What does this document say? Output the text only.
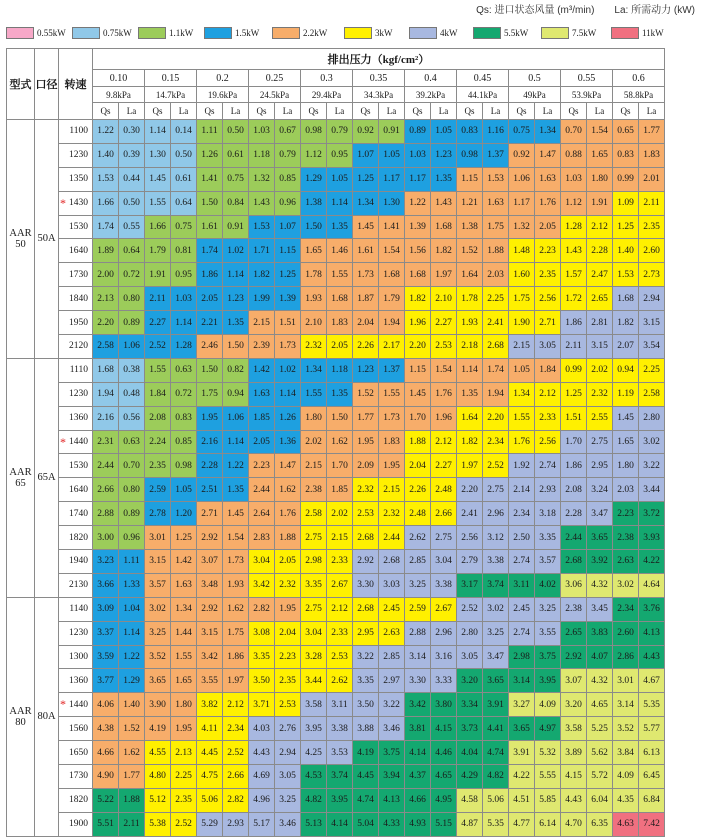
Qs: 进口状态风量 (m³/min)　　La: 所需动力 (kW)
0.55kW	0.75kW	1.1kW	1.5kW	2.2kW	3kW	4kW	5.5kW	7.5kW	11kW
型式	口径	转速	排出压力（kgf/cm²）																					
			0.10		0.15		0.2		0.25		0.3		0.35		0.4		0.45		0.5		0.55		0.6	
			9.8kPa		14.7kPa		19.6kPa		24.5kPa		29.4kPa		34.3kPa		39.2kPa		44.1kPa		49kPa		53.9kPa		58.8kPa	
			Qs	La	Qs	La	Qs	La	Qs	La	Qs	La	Qs	La	Qs	La	Qs	La	Qs	La	Qs	La	Qs	La
AAR 50	50A	1100	1.22	0.30	1.14	0.14	1.11	0.50	1.03	0.67	0.98	0.79	0.92	0.91	0.89	1.05	0.83	1.16	0.75	1.34	0.70	1.54	0.65	1.77

		1230	1.40	0.39	1.30	0.50	1.26	0.61	1.18	0.79	1.12	0.95	1.07	1.05	1.03	1.23	0.98	1.37	0.92	1.47	0.88	1.65	0.83	1.83

		1350	1.53	0.44	1.45	0.61	1.41	0.75	1.32	0.85	1.29	1.05	1.25	1.17	1.17	1.35	1.15	1.53	1.06	1.63	1.03	1.80	0.99	2.01

		* 1430	1.66	0.50	1.55	0.64	1.50	0.84	1.43	0.96	1.38	1.14	1.34	1.30	1.22	1.43	1.21	1.63	1.17	1.76	1.12	1.91	1.09	2.11

		1530	1.74	0.55	1.66	0.75	1.61	0.91	1.53	1.07	1.50	1.35	1.45	1.41	1.39	1.68	1.38	1.75	1.32	2.05	1.28	2.12	1.25	2.35

		1640	1.89	0.64	1.79	0.81	1.74	1.02	1.71	1.15	1.65	1.46	1.61	1.54	1.56	1.82	1.52	1.88	1.48	2.23	1.43	2.28	1.40	2.60

		1730	2.00	0.72	1.91	0.95	1.86	1.14	1.82	1.25	1.78	1.55	1.73	1.68	1.68	1.97	1.64	2.03	1.60	2.35	1.57	2.47	1.53	2.73

		1840	2.13	0.80	2.11	1.03	2.05	1.23	1.99	1.39	1.93	1.68	1.87	1.79	1.82	2.10	1.78	2.25	1.75	2.56	1.72	2.65	1.68	2.94

		1950	2.20	0.89	2.27	1.14	2.21	1.35	2.15	1.51	2.10	1.83	2.04	1.94	1.96	2.27	1.93	2.41	1.90	2.71	1.86	2.81	1.82	3.15

		2120	2.58	1.06	2.52	1.28	2.46	1.50	2.39	1.73	2.32	2.05	2.26	2.17	2.20	2.53	2.18	2.68	2.15	3.05	2.11	3.15	2.07	3.54
AAR 65	65A	1110	1.68	0.38	1.55	0.63	1.50	0.82	1.42	1.02	1.34	1.18	1.23	1.37	1.15	1.54	1.14	1.74	1.05	1.84	0.99	2.02	0.94	2.25

		1230	1.94	0.48	1.84	0.72	1.75	0.94	1.63	1.14	1.55	1.35	1.52	1.55	1.45	1.76	1.35	1.94	1.34	2.12	1.25	2.32	1.19	2.58

		1360	2.16	0.56	2.08	0.83	1.95	1.06	1.85	1.26	1.80	1.50	1.77	1.73	1.70	1.96	1.64	2.20	1.55	2.33	1.51	2.55	1.45	2.80

		* 1440	2.31	0.63	2.24	0.85	2.16	1.14	2.05	1.36	2.02	1.62	1.95	1.83	1.88	2.12	1.82	2.34	1.76	2.56	1.70	2.75	1.65	3.02

		1530	2.44	0.70	2.35	0.98	2.28	1.22	2.23	1.47	2.15	1.70	2.09	1.95	2.04	2.27	1.97	2.52	1.92	2.74	1.86	2.95	1.80	3.22

		1640	2.66	0.80	2.59	1.05	2.51	1.35	2.44	1.62	2.38	1.85	2.32	2.15	2.26	2.48	2.20	2.75	2.14	2.93	2.08	3.24	2.03	3.44

		1740	2.88	0.89	2.78	1.20	2.71	1.45	2.64	1.76	2.58	2.02	2.53	2.32	2.48	2.66	2.41	2.96	2.34	3.18	2.28	3.47	2.23	3.72

		1820	3.00	0.96	3.01	1.25	2.92	1.54	2.83	1.88	2.75	2.15	2.68	2.44	2.62	2.75	2.56	3.12	2.50	3.35	2.44	3.65	2.38	3.93

		1940	3.23	1.11	3.15	1.42	3.07	1.73	3.04	2.05	2.98	2.33	2.92	2.68	2.85	3.04	2.79	3.38	2.74	3.57	2.68	3.92	2.63	4.22

		2130	3.66	1.33	3.57	1.63	3.48	1.93	3.42	2.32	3.35	2.67	3.30	3.03	3.25	3.38	3.17	3.74	3.11	4.02	3.06	4.32	3.02	4.64
AAR 80	80A	1140	3.09	1.04	3.02	1.34	2.92	1.62	2.82	1.95	2.75	2.12	2.68	2.45	2.59	2.67	2.52	3.02	2.45	3.25	2.38	3.45	2.34	3.76

		1230	3.37	1.14	3.25	1.44	3.15	1.75	3.08	2.04	3.04	2.33	2.95	2.63	2.88	2.96	2.80	3.25	2.74	3.55	2.65	3.83	2.60	4.13

		1300	3.59	1.22	3.52	1.55	3.42	1.86	3.35	2.23	3.28	2.53	3.22	2.85	3.14	3.16	3.05	3.47	2.98	3.75	2.92	4.07	2.86	4.43

		1360	3.77	1.29	3.65	1.65	3.55	1.97	3.50	2.35	3.44	2.62	3.35	2.97	3.30	3.33	3.20	3.65	3.14	3.95	3.07	4.32	3.01	4.67

		* 1440	4.06	1.40	3.90	1.80	3.82	2.12	3.71	2.53	3.58	3.11	3.50	3.22	3.42	3.80	3.34	3.91	3.27	4.09	3.20	4.65	3.14	5.35

		1560	4.38	1.52	4.19	1.95	4.11	2.34	4.03	2.76	3.95	3.38	3.88	3.46	3.81	4.15	3.73	4.41	3.65	4.97	3.58	5.25	3.52	5.77

		1650	4.66	1.62	4.55	2.13	4.45	2.52	4.43	2.94	4.25	3.53	4.19	3.75	4.14	4.46	4.04	4.74	3.91	5.32	3.89	5.62	3.84	6.13

		1730	4.90	1.77	4.80	2.25	4.75	2.66	4.69	3.05	4.53	3.74	4.45	3.94	4.37	4.65	4.29	4.82	4.22	5.55	4.15	5.72	4.09	6.45

		1820	5.22	1.88	5.12	2.35	5.06	2.82	4.96	3.25	4.82	3.95	4.74	4.13	4.66	4.95	4.58	5.06	4.51	5.85	4.43	6.04	4.35	6.84

		1900	5.51	2.11	5.38	2.52	5.29	2.93	5.17	3.46	5.13	4.14	5.04	4.33	4.93	5.15	4.87	5.35	4.77	6.14	4.70	6.35	4.63	7.42
